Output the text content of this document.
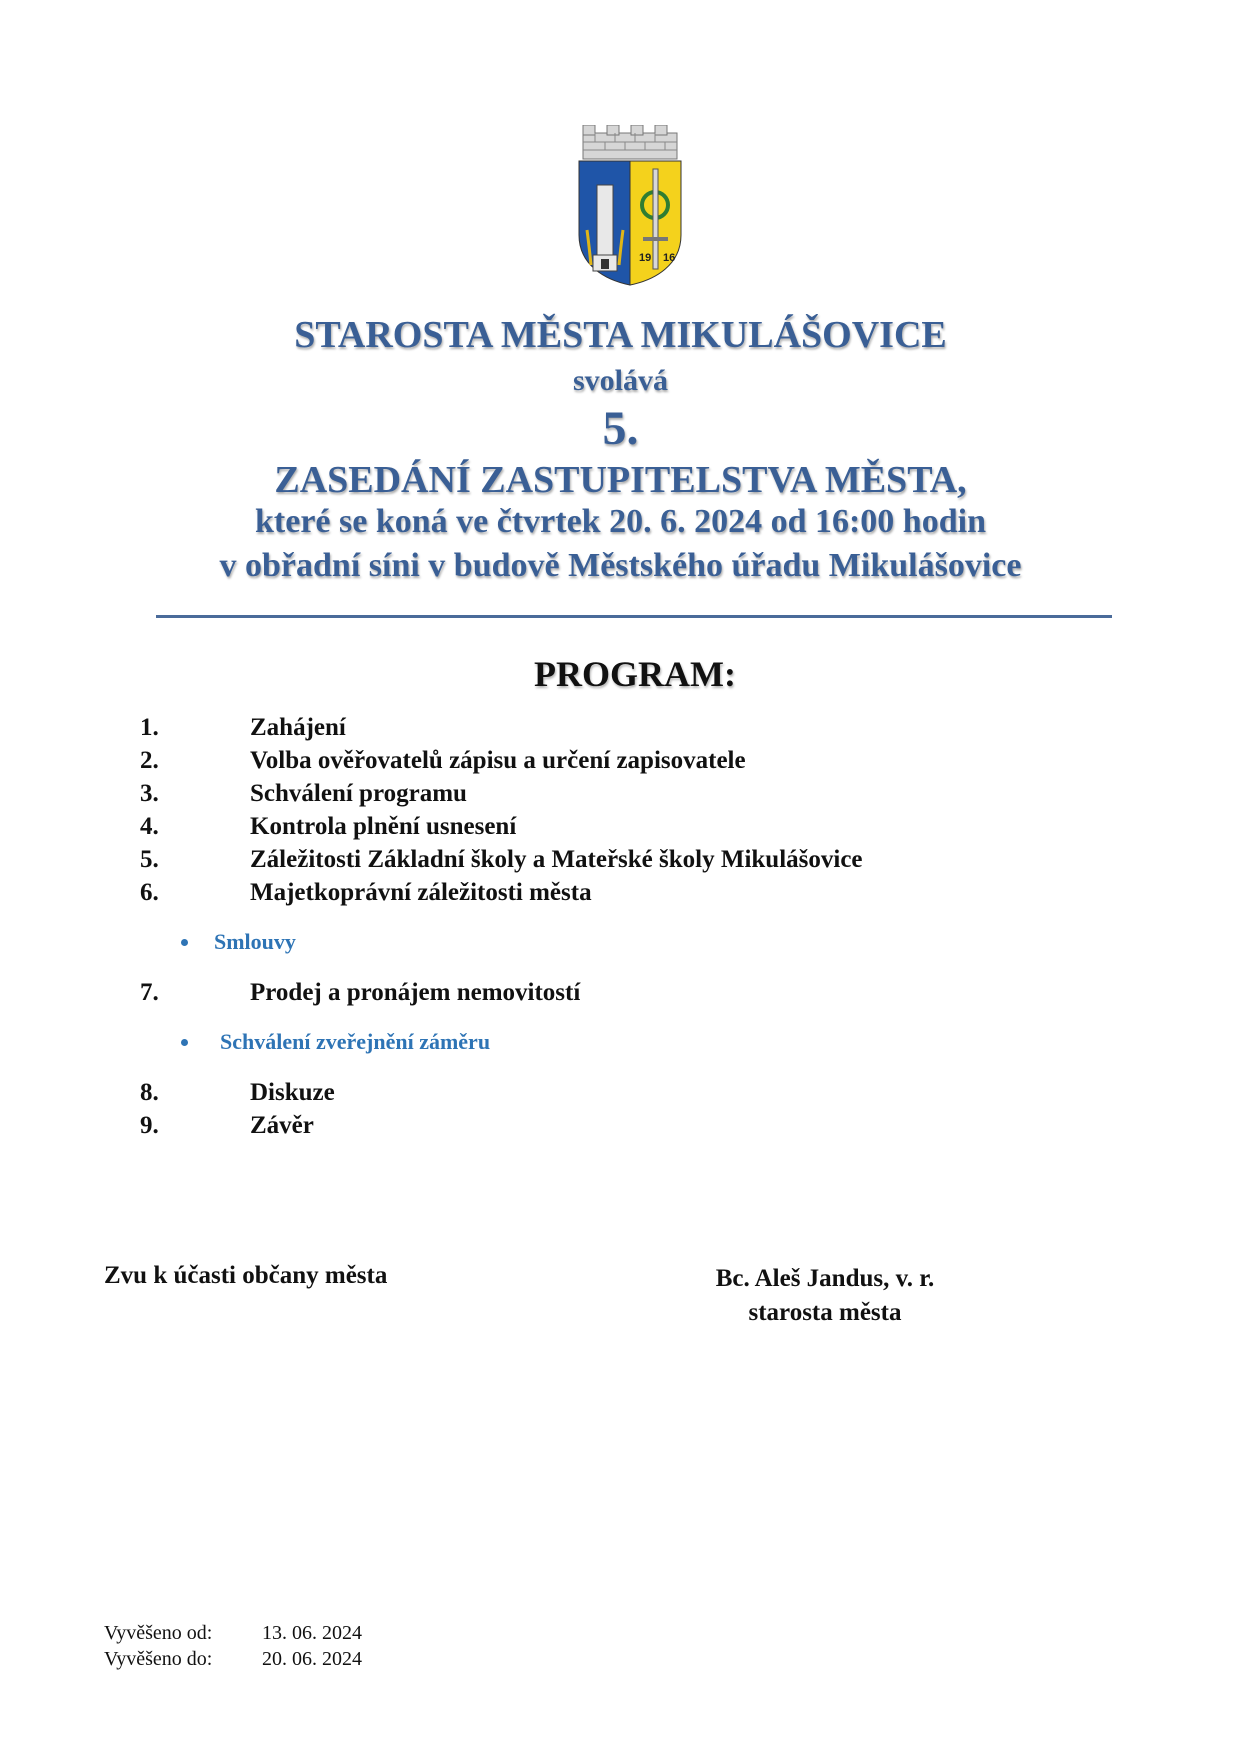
19 16
STAROSTA MĚSTA MIKULÁŠOVICE
svolává
5.
ZASEDÁNÍ ZASTUPITELSTVA MĚSTA,
které se koná ve čtvrtek 20. 6. 2024 od 16:00 hodin
v obřadní síni v budově Městského úřadu Mikulášovice
PROGRAM:
1.	Zahájení
2.	Volba ověřovatelů zápisu a určení zapisovatele
3.	Schválení programu
4.	Kontrola plnění usnesení
5.	Záležitosti Základní školy a Mateřské školy Mikulášovice
6.	Majetkoprávní záležitosti města
Smlouvy
7.	Prodej a pronájem nemovitostí
Schválení zveřejnění záměru
8.	Diskuze
9.	Závěr
Zvu k účasti občany města	Bc. Aleš Jandus, v. r.
starosta města
Vyvěšeno od: 13. 06. 2024
Vyvěšeno do: 20. 06. 2024
